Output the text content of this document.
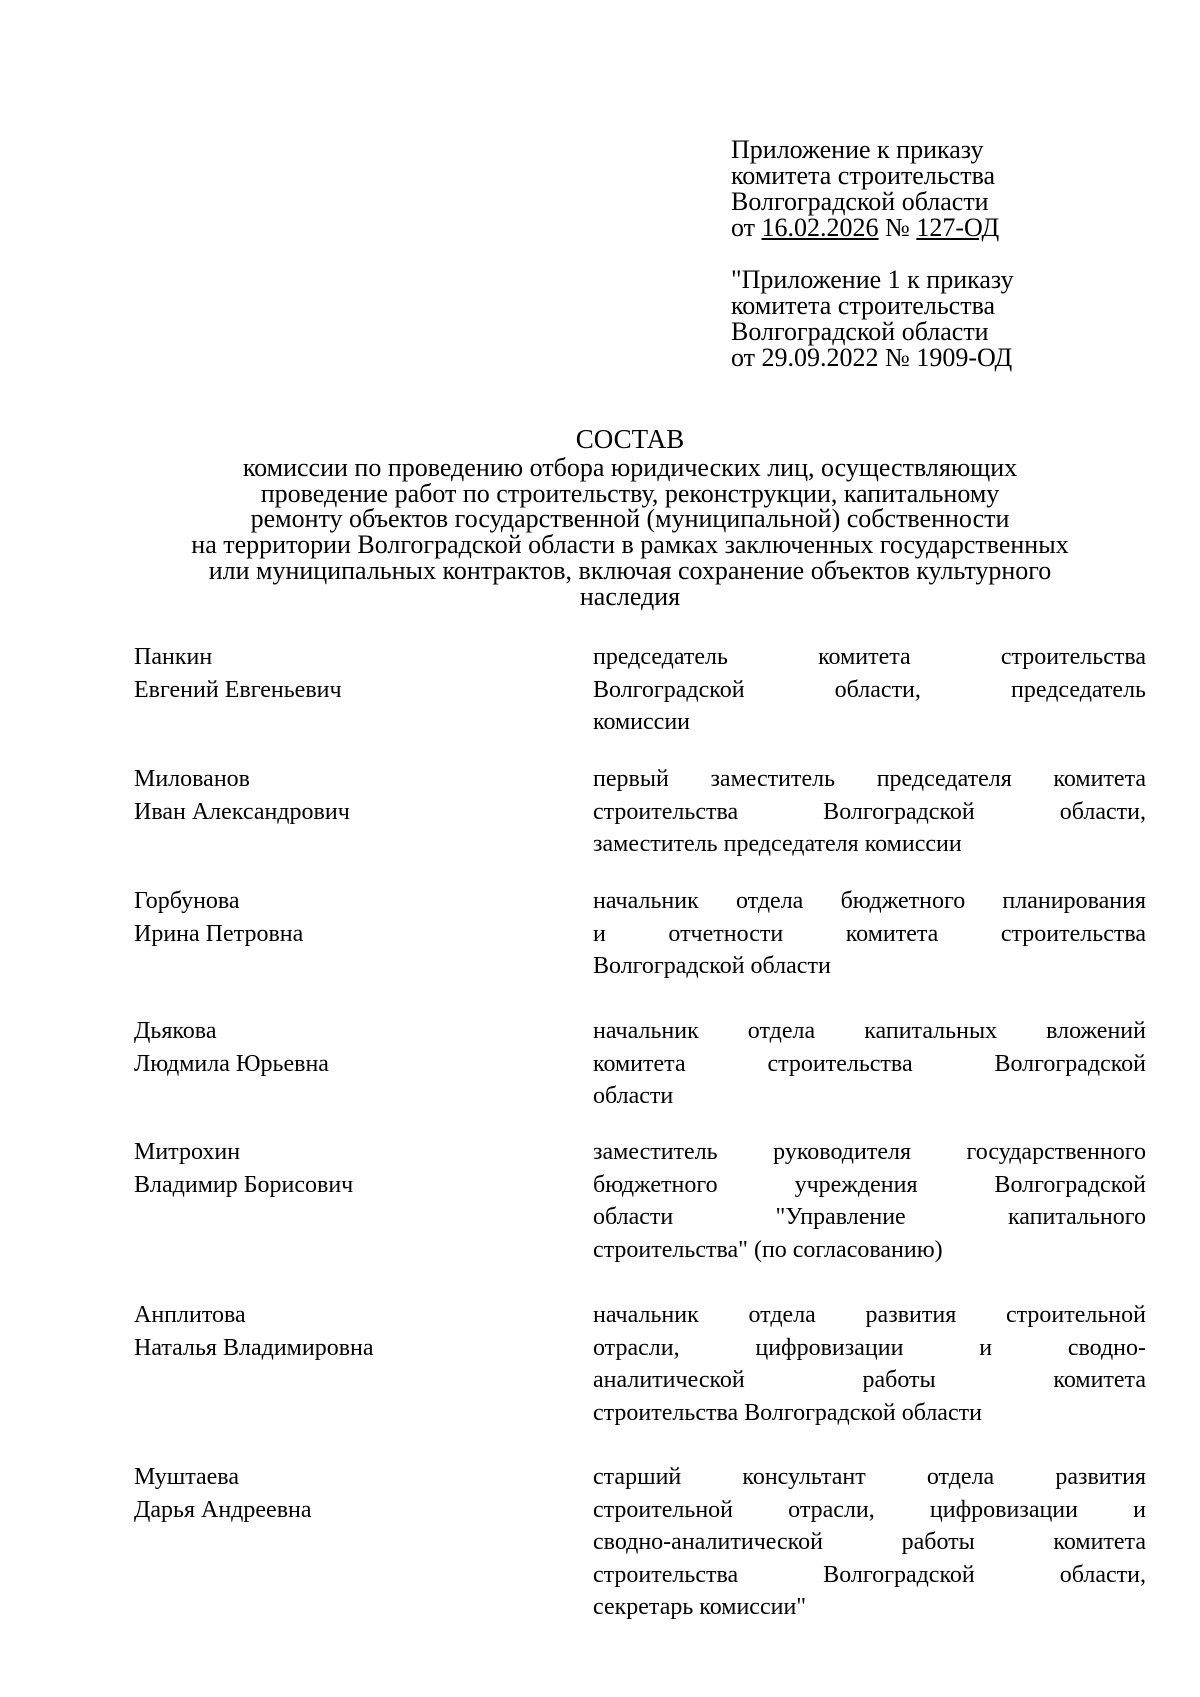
Приложение к приказу
комитета строительства
Волгоградской области
от 16.02.2026 № 127-ОД
"Приложение 1 к приказу
комитета строительства
Волгоградской области
от 29.09.2022 № 1909-ОД
СОСТАВ
комиссии по проведению отбора юридических лиц, осуществляющих
проведение работ по строительству, реконструкции, капитальному
ремонту объектов государственной (муниципальной) собственности
на территории Волгоградской области в рамках заключенных государственных
или муниципальных контрактов, включая сохранение объектов культурного
наследия
Панкин
Евгений Евгеньевич
председатель комитета строительства
Волгоградской области, председатель
комиссии
Милованов
Иван Александрович
первый заместитель председателя комитета
строительства Волгоградской области,
заместитель председателя комиссии
Горбунова
Ирина Петровна
начальник отдела бюджетного планирования
и отчетности комитета строительства
Волгоградской области
Дьякова
Людмила Юрьевна
начальник отдела капитальных вложений
комитета строительства Волгоградской
области
Митрохин
Владимир Борисович
заместитель руководителя государственного
бюджетного учреждения Волгоградской
области "Управление капитального
строительства" (по согласованию)
Анплитова
Наталья Владимировна
начальник отдела развития строительной
отрасли, цифровизации и сводно-
аналитической работы комитета
строительства Волгоградской области
Муштаева
Дарья Андреевна
старший консультант отдела развития
строительной отрасли, цифровизации и
сводно-аналитической работы комитета
строительства Волгоградской области,
секретарь комиссии"
